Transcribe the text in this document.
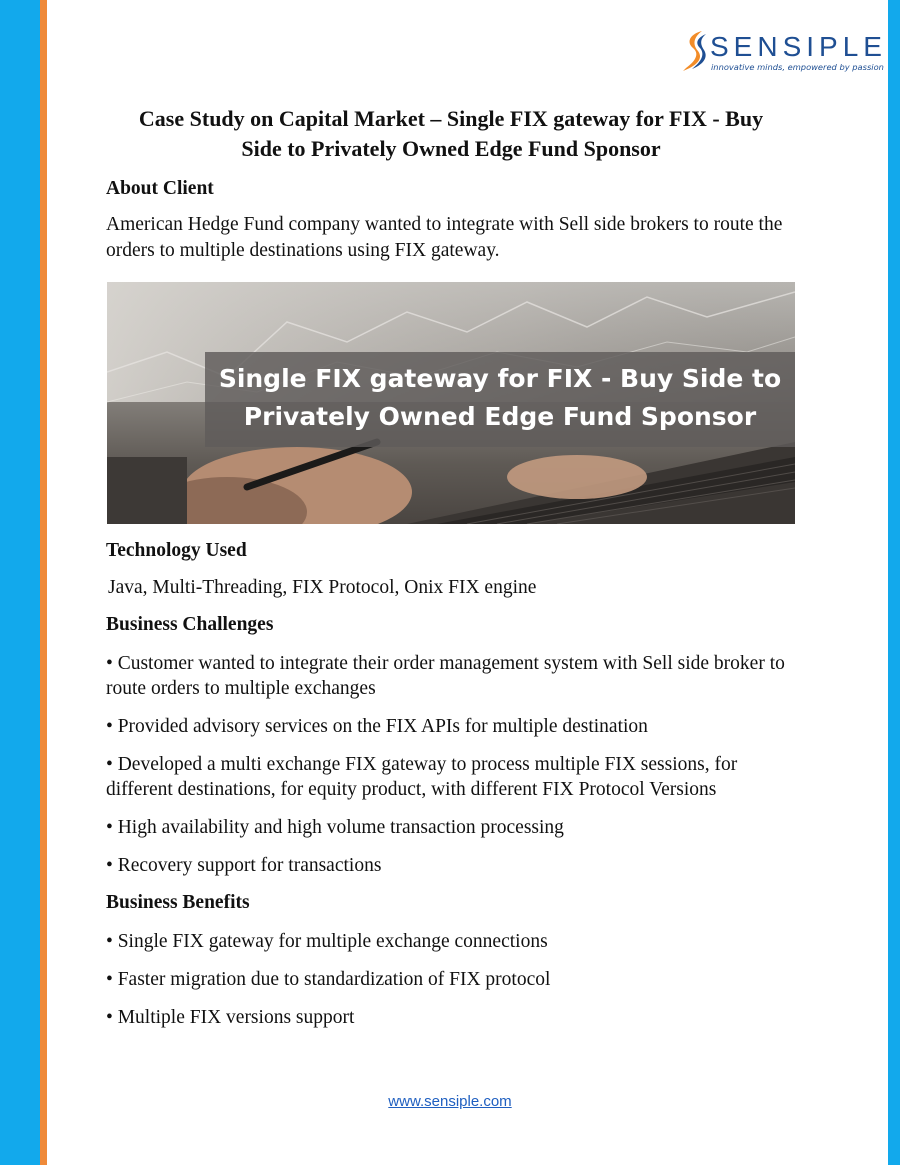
SENSIPLE
innovative minds, empowered by passion
Case Study on Capital Market – Single FIX gateway for FIX - Buy
Side to Privately Owned Edge Fund Sponsor

About Client

American Hedge Fund company wanted to integrate with Sell side brokers to route the orders to multiple destinations using FIX gateway.

Single FIX gateway for FIX - Buy Side to
Privately Owned Edge Fund Sponsor

Technology Used

Java, Multi-Threading, FIX Protocol, Onix FIX engine

Business Challenges

• Customer wanted to integrate their order management system with Sell side broker to route orders to multiple exchanges

• Provided advisory services on the FIX APIs for multiple destination

• Developed a multi exchange FIX gateway to process multiple FIX sessions, for different destinations, for equity product, with different FIX Protocol Versions

• High availability and high volume transaction processing

• Recovery support for transactions

Business Benefits

• Single FIX gateway for multiple exchange connections

• Faster migration due to standardization of FIX protocol

• Multiple FIX versions support

www.sensiple.com
